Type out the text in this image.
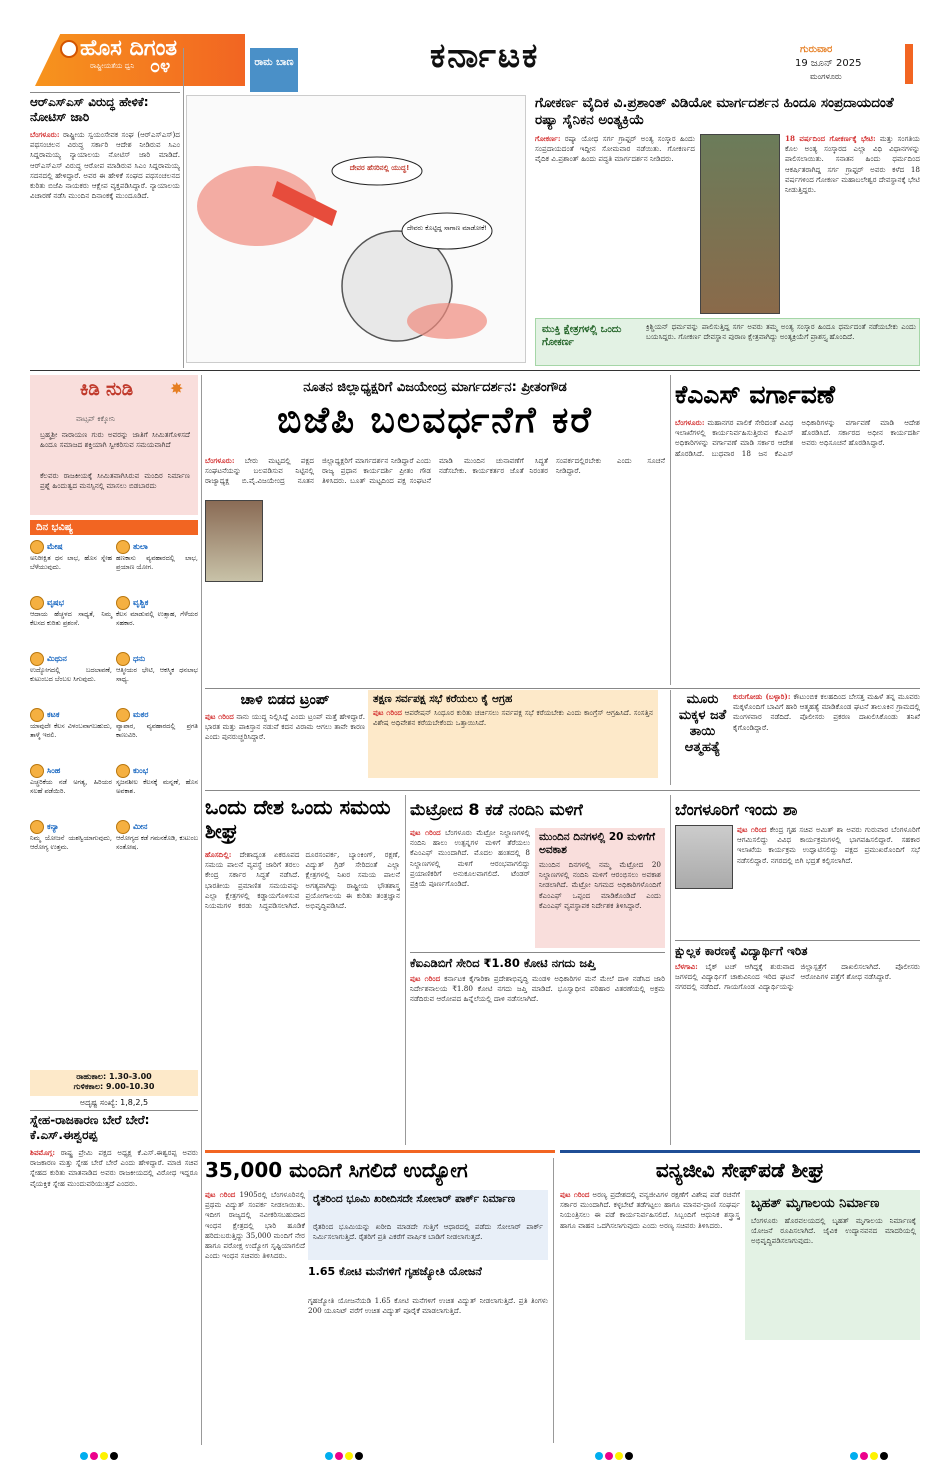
ಹೊಸ ದಿಗಂತ
ರಾಷ್ಟ್ರೀಯತೆಯ ಧ್ವನಿ ೦೪	ಕರ್ನಾಟಕ	ಗುರುವಾರ
19 ಜೂನ್ 2025
ಮಂಗಳೂರು
ಆರ್‌ಎಸ್‌ಎಸ್ ವಿರುದ್ಧ ಹೇಳಿಕೆ: ನೋಟಿಸ್ ಜಾರಿ
ಬೆಂಗಳೂರು: ರಾಷ್ಟ್ರೀಯ ಸ್ವಯಂಸೇವಕ ಸಂಘ (ಆರ್‌ಎಸ್‌ಎಸ್)ದ ಪಥಸಂಚಲನ ವಿರುದ್ಧ ಸರ್ಕಾರಿ ಆದೇಶ ನೀಡಿರುವ ಸಿಎಂ ಸಿದ್ದರಾಮಯ್ಯ ನ್ಯಾಯಾಲಯ ನೋಟಿಸ್ ಜಾರಿ ಮಾಡಿದೆ. ಆರ್‌ಎಸ್‌ಎಸ್ ವಿರುದ್ಧ ಆರೋಪ ಮಾಡಿರುವ ಸಿಎಂ ಸಿದ್ದರಾಮಯ್ಯ ಸದನದಲ್ಲಿ ಹೇಳಿದ್ದಾರೆ. ಅವರ ಈ ಹೇಳಿಕೆ ಸಂಘದ ಪಥಸಂಚಲನದ ಕುರಿತು ಬಿಜೆಪಿ ನಾಯಕರು ಆಕ್ಷೇಪ ವ್ಯಕ್ತಪಡಿಸಿದ್ದಾರೆ. ನ್ಯಾಯಾಲಯ ವಿಚಾರಣೆ ನಡೆಸಿ ಮುಂದಿನ ದಿನಾಂಕಕ್ಕೆ ಮುಂದೂಡಿದೆ.
ರಾಮ ಬಾಣ
ದೇವರ ಹೆಸರಿನಲ್ಲಿ ಯುದ್ಧ!
ದೇವರು ಕೊಟ್ಟಿದ್ದ ಸಾಗಾಣ ಮಾಡೋಕೆ!
ಗೋಕರ್ಣ ವೈದಿಕ ವಿ.ಪ್ರಶಾಂತ್ ವಿಡಿಯೋ ಮಾರ್ಗದರ್ಶನ ಹಿಂದೂ ಸಂಪ್ರದಾಯದಂತೆ ರಷ್ಯಾ ಸೈನಿಕನ ಅಂತ್ಯಕ್ರಿಯೆ
ಗೋಕರ್ಣ: ರಷ್ಯಾ ಯೋಧ ಸರ್ಗ ಗ್ರಾಫ್ಟರ್ ಅಂತ್ಯ ಸಂಸ್ಕಾರ ಹಿಂದು ಸಂಪ್ರದಾಯದಂತೆ ಇದ್ದೀನ ಸೋಮವಾರ ನಡೆಯಿತು. ಗೋಕರ್ಣದ ವೈದಿಕ ವಿ.ಪ್ರಶಾಂತ್ ಹಿಂದು ಪದ್ಧತಿ ಮಾರ್ಗದರ್ಶನ ನೀಡಿದರು.
18 ವರ್ಷದಿಂದ ಗೋಕರ್ಣಕ್ಕೆ ಭೇಟಿ: ಮತ್ತು ಸಂಗತಿಯ ಕೊಲ ಅಂತ್ಯ ಸಂಸ್ಕಾರದ ಎಲ್ಲಾ ವಿಧಿ ವಿಧಾನಗಳನ್ನು ಪಾಲಿಸಲಾಯಿತು. ಸನಾತನ ಹಿಂದು ಧರ್ಮದಿಂದ ಆಕರ್ಷಿತರಾಗಿದ್ದ ಸರ್ಗ ಗ್ರಾಫ್ಟರ್ ಅವರು ಕಳೆದ 18 ವರ್ಷಗಳಿಂದ ಗೋಕರ್ಣ ಮಹಾಬಲೇಶ್ವರ ದೇವಸ್ಥಾನಕ್ಕೆ ಭೇಟಿ ನೀಡುತ್ತಿದ್ದರು.
ಮುಕ್ತಿ ಕ್ಷೇತ್ರಗಳಲ್ಲಿ ಒಂದು ಗೋಕರ್ಣ
ಕ್ರಿಶ್ಚಿಯನ್ ಧರ್ಮವನ್ನು ಪಾಲಿಸುತ್ತಿದ್ದ ಸರ್ಗ ಅವರು ತಮ್ಮ ಅಂತ್ಯ ಸಂಸ್ಕಾರ ಹಿಂದೂ ಧರ್ಮದಂತೆ ನಡೆಯಬೇಕು ಎಂದು ಬಯಸಿದ್ದರು. ಗೋಕರ್ಣ ದೇವಸ್ಥಾನ ಪುರಾಣ ಕ್ಷೇತ್ರವಾಗಿದ್ದು ಅಂತ್ಯಕ್ರಿಯೆಗೆ ಪ್ರಾಶಸ್ತ್ಯ ಹೊಂದಿದೆ.
ಕಿಡಿ ನುಡಿ ✸
ವಾಟ್ಸಪ್ ಕಿಕ್ಕೋನಿ
ಬ್ರಹ್ಮಶ್ರೀ ನಾರಾಯಣ ಗುರು ಅವರನ್ನು ಜಾತಿಗೆ ಸೀಮಿತಗೊಳಿಸದೆ ಹಿಂದೂ ಸಮಾಜದ ಶಕ್ತಿಯಾಗಿ ಸ್ವೀಕರಿಸುವ ಸಮಯವಾಗಿದೆ
ಕೆಲವರು ರಾಜಕೀಯಕ್ಕೆ ಸೀಮಿತವಾಗಿಸಿರುವ ಮಂದಿರ ನಿರ್ಮಾಣ ಪ್ರಶ್ನೆ ಹಿಂದುತ್ವದ ಮನಸ್ಸಿನಲ್ಲಿ ಮಾಸಲು ಬಿಡಬಾರದು
ದಿನ ಭವಿಷ್ಯ
ಮೇಷ
ಅನಿರೀಕ್ಷಿತ ಧನ ಲಾಭ, ಹೊಸ ಸ್ನೇಹ ಬೆಳೆಯುವುದು.
ವೃಷಭ
ಆದಾಯ ಹೆಚ್ಚಳದ ಸಾಧ್ಯತೆ, ನಿಮ್ಮ ಕೆಲಸದ ಕುರಿತು ಪ್ರಶಂಸೆ.
ಮಿಥುನ
ಉದ್ಯೋಗದಲ್ಲಿ ಬದಲಾವಣೆ, ಕುಟುಂಬದ ಬೆಂಬಲ ಸಿಗುವುದು.
ಕಟಕ
ಯಾವುದೇ ಕೆಲಸ ವಿಳಂಬವಾಗಬಹುದು, ತಾಳ್ಮೆ ಇರಲಿ.
ಸಿಂಹ
ಎಚ್ಚರಿಕೆಯ ನಡೆ ಅಗತ್ಯ, ಹಿರಿಯರ ಸಲಹೆ ಪಡೆಯಿರಿ.
ಕನ್ಯಾ
ನಿಮ್ಮ ಯೋಜನೆ ಯಶಸ್ವಿಯಾಗುವುದು, ಆರೋಗ್ಯ ಉತ್ತಮ.
ತುಲಾ
ಹಣಕಾಸು ವ್ಯವಹಾರದಲ್ಲಿ ಲಾಭ, ಪ್ರಯಾಣ ಯೋಗ.
ವೃಶ್ಚಿಕ
ಕೆಲಸ ಮಾಡುವಲ್ಲಿ ಉತ್ಸಾಹ, ಗೆಳೆಯರ ಸಹಕಾರ.
ಧನು
ಆತ್ಮೀಯರ ಭೇಟಿ, ಆಕಸ್ಮಿಕ ಧನಲಾಭ ಸಾಧ್ಯ.
ಮಕರ
ವ್ಯಾಪಾರ, ವ್ಯವಹಾರದಲ್ಲಿ ಪ್ರಗತಿ ಕಾಣುವಿರಿ.
ಕುಂಭ
ಸೃಜನಶೀಲ ಕೆಲಸಕ್ಕೆ ಮನ್ನಣೆ, ಹೊಸ ಅವಕಾಶ.
ಮೀನ
ಆರೋಗ್ಯದ ಕಡೆ ಗಮನಕೊಡಿ, ಕುಟುಂಬ ಸಂತೋಷ.
ರಾಹುಕಾಲ: 1.30-3.00
ಗುಳಿಕಕಾಲ: 9.00-10.30
ಅದೃಷ್ಟ ಸಂಖ್ಯೆ: 1,8,2,5
ಸ್ನೇಹ-ರಾಜಕಾರಣ ಬೇರೆ ಬೇರೆ: ಕೆ.ಎಸ್.ಈಶ್ವರಪ್ಪ
ಶಿವಮೊಗ್ಗ: ರಾಷ್ಟ್ರ ಪ್ರೇಮಿ ಪಕ್ಷದ ಅಧ್ಯಕ್ಷ ಕೆ.ಎಸ್.ಈಶ್ವರಪ್ಪ ಅವರು ರಾಜಕಾರಣ ಮತ್ತು ಸ್ನೇಹ ಬೇರೆ ಬೇರೆ ಎಂದು ಹೇಳಿದ್ದಾರೆ. ಮಾಜಿ ಸಚಿವ ಸ್ನೇಹದ ಕುರಿತು ಮಾತನಾಡಿದ ಅವರು ರಾಜಕೀಯದಲ್ಲಿ ವಿರೋಧ ಇದ್ದರೂ ವೈಯಕ್ತಿಕ ಸ್ನೇಹ ಮುಂದುವರಿಯುತ್ತದೆ ಎಂದರು.
ನೂತನ ಜಿಲ್ಲಾಧ್ಯಕ್ಷರಿಗೆ ವಿಜಯೇಂದ್ರ ಮಾರ್ಗದರ್ಶನ: ಪ್ರೀತಂಗೌಡ
ಬಿಜೆಪಿ ಬಲವರ್ಧನೆಗೆ ಕರೆ
ಬೆಂಗಳೂರು: ಬೇರು ಮಟ್ಟದಲ್ಲಿ ಪಕ್ಷದ ಸಂಘಟನೆಯನ್ನು ಬಲಪಡಿಸುವ ನಿಟ್ಟಿನಲ್ಲಿ ರಾಜ್ಯಾಧ್ಯಕ್ಷ ಬಿ.ವೈ.ವಿಜಯೇಂದ್ರ ನೂತನ ಜಿಲ್ಲಾಧ್ಯಕ್ಷರಿಗೆ ಮಾರ್ಗದರ್ಶನ ನೀಡಿದ್ದಾರೆ ಎಂದು ರಾಜ್ಯ ಪ್ರಧಾನ ಕಾರ್ಯದರ್ಶಿ ಪ್ರೀತಂ ಗೌಡ ತಿಳಿಸಿದರು. ಬೂತ್ ಮಟ್ಟದಿಂದ ಪಕ್ಷ ಸಂಘಟನೆ ಮಾಡಿ ಮುಂದಿನ ಚುನಾವಣೆಗೆ ಸಿದ್ಧತೆ ನಡೆಸಬೇಕು. ಕಾರ್ಯಕರ್ತರ ಜೊತೆ ನಿರಂತರ ಸಂಪರ್ಕದಲ್ಲಿರಬೇಕು ಎಂದು ಸೂಚನೆ ನೀಡಿದ್ದಾರೆ.
ಕೆಎಎಸ್ ವರ್ಗಾವಣೆ
ಬೆಂಗಳೂರು: ಮಹಾನಗರ ಪಾಲಿಕೆ ಸೇರಿದಂತೆ ವಿವಿಧ ಇಲಾಖೆಗಳಲ್ಲಿ ಕಾರ್ಯನಿರ್ವಹಿಸುತ್ತಿರುವ ಕೆಎಎಸ್ ಅಧಿಕಾರಿಗಳನ್ನು ವರ್ಗಾವಣೆ ಮಾಡಿ ಸರ್ಕಾರ ಆದೇಶ ಹೊರಡಿಸಿದೆ. ಬುಧವಾರ 18 ಜನ ಕೆಎಎಸ್ ಅಧಿಕಾರಿಗಳನ್ನು ವರ್ಗಾವಣೆ ಮಾಡಿ ಆದೇಶ ಹೊರಡಿಸಿದೆ. ಸರ್ಕಾರದ ಅಧೀನ ಕಾರ್ಯದರ್ಶಿ ಅವರು ಅಧಿಸೂಚನೆ ಹೊರಡಿಸಿದ್ದಾರೆ.
ಚಾಳಿ ಬಿಡದ ಟ್ರಂಪ್
ಪುಟ ೧ರಿಂದ ನಾನು ಯುದ್ಧ ನಿಲ್ಲಿಸಿದ್ದೆ ಎಂದು ಟ್ರಂಪ್ ಮತ್ತೆ ಹೇಳಿದ್ದಾರೆ. ಭಾರತ ಮತ್ತು ಪಾಕಿಸ್ತಾನ ನಡುವೆ ಕದನ ವಿರಾಮ ಆಗಲು ತಾವೇ ಕಾರಣ ಎಂದು ಪುನರುಚ್ಚರಿಸಿದ್ದಾರೆ.
ತಕ್ಷಣ ಸರ್ವಪಕ್ಷ ಸಭೆ ಕರೆಯಲು ಕೈ ಆಗ್ರಹ
ಪುಟ ೧ರಿಂದ ಆಪರೇಷನ್ ಸಿಂಧೂರ ಕುರಿತು ಚರ್ಚಿಸಲು ಸರ್ವಪಕ್ಷ ಸಭೆ ಕರೆಯಬೇಕು ಎಂದು ಕಾಂಗ್ರೆಸ್ ಆಗ್ರಹಿಸಿದೆ. ಸಂಸತ್ತಿನ ವಿಶೇಷ ಅಧಿವೇಶನ ಕರೆಯಬೇಕೆಂದು ಒತ್ತಾಯಿಸಿದೆ.
ಮೂರು ಮಕ್ಕಳ ಜತೆ ತಾಯಿ ಆತ್ಮಹತ್ಯೆ
ಕುರುಗೋಡು (ಬಳ್ಳಾರಿ): ಕೌಟುಂಬಿಕ ಕಲಹದಿಂದ ಬೇಸತ್ತ ಮಹಿಳೆ ತನ್ನ ಮೂವರು ಮಕ್ಕಳೊಂದಿಗೆ ಬಾವಿಗೆ ಹಾರಿ ಆತ್ಮಹತ್ಯೆ ಮಾಡಿಕೊಂಡ ಘಟನೆ ತಾಲೂಕಿನ ಗ್ರಾಮದಲ್ಲಿ ಮಂಗಳವಾರ ನಡೆದಿದೆ. ಪೊಲೀಸರು ಪ್ರಕರಣ ದಾಖಲಿಸಿಕೊಂಡು ತನಿಖೆ ಕೈಗೊಂಡಿದ್ದಾರೆ.
ಒಂದು ದೇಶ ಒಂದು ಸಮಯ ಶೀಘ್ರ
ಹೊಸದಿಲ್ಲಿ: ದೇಶಾದ್ಯಂತ ಏಕರೂಪದ ಸಮಯ ಪಾಲನೆ ವ್ಯವಸ್ಥೆ ಜಾರಿಗೆ ತರಲು ಕೇಂದ್ರ ಸರ್ಕಾರ ಸಿದ್ಧತೆ ನಡೆಸಿದೆ. ಭಾರತೀಯ ಪ್ರಮಾಣಿತ ಸಮಯವನ್ನು ಎಲ್ಲಾ ಕ್ಷೇತ್ರಗಳಲ್ಲಿ ಕಡ್ಡಾಯಗೊಳಿಸುವ ನಿಯಮಗಳ ಕರಡು ಸಿದ್ಧಪಡಿಸಲಾಗಿದೆ. ದೂರಸಂಪರ್ಕ, ಬ್ಯಾಂಕಿಂಗ್, ರಕ್ಷಣೆ, ವಿದ್ಯುತ್ ಗ್ರಿಡ್ ಸೇರಿದಂತೆ ಎಲ್ಲಾ ಕ್ಷೇತ್ರಗಳಲ್ಲಿ ನಿಖರ ಸಮಯ ಪಾಲನೆ ಅಗತ್ಯವಾಗಿದ್ದು ರಾಷ್ಟ್ರೀಯ ಭೌತಶಾಸ್ತ್ರ ಪ್ರಯೋಗಾಲಯ ಈ ಕುರಿತು ತಂತ್ರಜ್ಞಾನ ಅಭಿವೃದ್ಧಿಪಡಿಸಿದೆ.
ಮೆಟ್ರೋದ 8 ಕಡೆ ನಂದಿನಿ ಮಳಿಗೆ
ಪುಟ ೧ರಿಂದ ಬೆಂಗಳೂರು ಮೆಟ್ರೋ ನಿಲ್ದಾಣಗಳಲ್ಲಿ ನಂದಿನಿ ಹಾಲು ಉತ್ಪನ್ನಗಳ ಮಳಿಗೆ ತೆರೆಯಲು ಕೆಎಂಎಫ್ ಮುಂದಾಗಿದೆ. ಮೊದಲ ಹಂತದಲ್ಲಿ 8 ನಿಲ್ದಾಣಗಳಲ್ಲಿ ಮಳಿಗೆ ಆರಂಭವಾಗಲಿದ್ದು ಪ್ರಯಾಣಿಕರಿಗೆ ಅನುಕೂಲವಾಗಲಿದೆ. ಟೆಂಡರ್ ಪ್ರಕ್ರಿಯೆ ಪೂರ್ಣಗೊಂಡಿದೆ.
ಮುಂದಿನ ದಿನಗಳಲ್ಲಿ 20 ಮಳಿಗೆಗೆ ಅವಕಾಶ
ಮುಂದಿನ ದಿನಗಳಲ್ಲಿ ನಮ್ಮ ಮೆಟ್ರೋದ 20 ನಿಲ್ದಾಣಗಳಲ್ಲಿ ನಂದಿನಿ ಮಳಿಗೆ ಆರಂಭಿಸಲು ಅವಕಾಶ ನೀಡಲಾಗಿದೆ. ಮೆಟ್ರೋ ನಿಗಮದ ಅಧಿಕಾರಿಗಳೊಂದಿಗೆ ಕೆಎಂಎಫ್ ಒಪ್ಪಂದ ಮಾಡಿಕೊಂಡಿದೆ ಎಂದು ಕೆಎಂಎಫ್ ವ್ಯವಸ್ಥಾಪಕ ನಿರ್ದೇಶಕ ತಿಳಿಸಿದ್ದಾರೆ.
ಬೆಂಗಳೂರಿಗೆ ಇಂದು ಶಾ
ಪುಟ ೧ರಿಂದ ಕೇಂದ್ರ ಗೃಹ ಸಚಿವ ಅಮಿತ್ ಶಾ ಅವರು ಗುರುವಾರ ಬೆಂಗಳೂರಿಗೆ ಆಗಮಿಸಲಿದ್ದು ವಿವಿಧ ಕಾರ್ಯಕ್ರಮಗಳಲ್ಲಿ ಭಾಗವಹಿಸಲಿದ್ದಾರೆ. ಸಹಕಾರ ಇಲಾಖೆಯ ಕಾರ್ಯಕ್ರಮ ಉದ್ಘಾಟಿಸಲಿದ್ದು ಪಕ್ಷದ ಪ್ರಮುಖರೊಂದಿಗೆ ಸಭೆ ನಡೆಸಲಿದ್ದಾರೆ. ನಗರದಲ್ಲಿ ಬಿಗಿ ಭದ್ರತೆ ಕಲ್ಪಿಸಲಾಗಿದೆ.
ಕ್ಷುಲ್ಲಕ ಕಾರಣಕ್ಕೆ ವಿದ್ಯಾರ್ಥಿಗೆ ಇರಿತ
ಬೆಳಗಾವಿ: ಬೈಕ್ ಟಚ್ ಆಗಿದ್ದಕ್ಕೆ ಶುರುವಾದ ಜಗಳದಲ್ಲಿ ವಿದ್ಯಾರ್ಥಿಗೆ ಚಾಕುವಿನಿಂದ ಇರಿದ ಘಟನೆ ನಗರದಲ್ಲಿ ನಡೆದಿದೆ. ಗಾಯಗೊಂಡ ವಿದ್ಯಾರ್ಥಿಯನ್ನು ಜಿಲ್ಲಾಸ್ಪತ್ರೆಗೆ ದಾಖಲಿಸಲಾಗಿದೆ. ಪೊಲೀಸರು ಆರೋಪಿಗಳ ಪತ್ತೆಗೆ ಶೋಧ ನಡೆಸಿದ್ದಾರೆ.
ಕೆಐಎಡಿಬಿಗೆ ಸೇರಿದ ₹1.80 ಕೋಟಿ ನಗದು ಜಪ್ತಿ
ಪುಟ ೧ರಿಂದ ಕರ್ನಾಟಕ ಕೈಗಾರಿಕಾ ಪ್ರದೇಶಾಭಿವೃದ್ಧಿ ಮಂಡಳಿ ಅಧಿಕಾರಿಗಳ ಮನೆ ಮೇಲೆ ದಾಳಿ ನಡೆಸಿದ ಜಾರಿ ನಿರ್ದೇಶನಾಲಯ ₹1.80 ಕೋಟಿ ನಗದು ಜಪ್ತಿ ಮಾಡಿದೆ. ಭೂಸ್ವಾಧೀನ ಪರಿಹಾರ ವಿತರಣೆಯಲ್ಲಿ ಅಕ್ರಮ ನಡೆದಿರುವ ಆರೋಪದ ಹಿನ್ನೆಲೆಯಲ್ಲಿ ದಾಳಿ ನಡೆಸಲಾಗಿದೆ.
35,000 ಮಂದಿಗೆ ಸಿಗಲಿದೆ ಉದ್ಯೋಗ
ಪುಟ ೧ರಿಂದ 1905ರಲ್ಲಿ ಬೆಂಗಳೂರಿನಲ್ಲಿ ಪ್ರಥಮ ವಿದ್ಯುತ್ ಸಂಪರ್ಕ ನೀಡಲಾಯಿತು. ಇದೀಗ ರಾಜ್ಯದಲ್ಲಿ ನವೀಕರಿಸಬಹುದಾದ ಇಂಧನ ಕ್ಷೇತ್ರದಲ್ಲಿ ಭಾರಿ ಹೂಡಿಕೆ ಹರಿದುಬರುತ್ತಿದ್ದು 35,000 ಮಂದಿಗೆ ನೇರ ಹಾಗೂ ಪರೋಕ್ಷ ಉದ್ಯೋಗ ಸೃಷ್ಟಿಯಾಗಲಿದೆ ಎಂದು ಇಂಧನ ಸಚಿವರು ತಿಳಿಸಿದರು.
ರೈತರಿಂದ ಭೂಮಿ ಖರೀದಿಸದೇ ಸೋಲಾರ್ ಪಾರ್ಕ್ ನಿರ್ಮಾಣ
ರೈತರಿಂದ ಭೂಮಿಯನ್ನು ಖರೀದಿ ಮಾಡದೇ ಗುತ್ತಿಗೆ ಆಧಾರದಲ್ಲಿ ಪಡೆದು ಸೋಲಾರ್ ಪಾರ್ಕ್ ನಿರ್ಮಿಸಲಾಗುತ್ತಿದೆ. ರೈತರಿಗೆ ಪ್ರತಿ ಎಕರೆಗೆ ವಾರ್ಷಿಕ ಬಾಡಿಗೆ ನೀಡಲಾಗುತ್ತದೆ.
1.65 ಕೋಟಿ ಮನೆಗಳಿಗೆ ಗೃಹಜ್ಯೋತಿ ಯೋಜನೆ
ಗೃಹಜ್ಯೋತಿ ಯೋಜನೆಯಡಿ 1.65 ಕೋಟಿ ಮನೆಗಳಿಗೆ ಉಚಿತ ವಿದ್ಯುತ್ ನೀಡಲಾಗುತ್ತಿದೆ. ಪ್ರತಿ ತಿಂಗಳು 200 ಯೂನಿಟ್ ವರೆಗೆ ಉಚಿತ ವಿದ್ಯುತ್ ಪೂರೈಕೆ ಮಾಡಲಾಗುತ್ತಿದೆ.
ವನ್ಯಜೀವಿ ಸೇಫ್‌ಪಡೆ ಶೀಘ್ರ
ಪುಟ ೧ರಿಂದ ಅರಣ್ಯ ಪ್ರದೇಶದಲ್ಲಿ ವನ್ಯಜೀವಿಗಳ ರಕ್ಷಣೆಗೆ ವಿಶೇಷ ಪಡೆ ರಚನೆಗೆ ಸರ್ಕಾರ ಮುಂದಾಗಿದೆ. ಕಳ್ಳಬೇಟೆ ತಡೆಗಟ್ಟಲು ಹಾಗೂ ಮಾನವ-ಪ್ರಾಣಿ ಸಂಘರ್ಷ ನಿಯಂತ್ರಿಸಲು ಈ ಪಡೆ ಕಾರ್ಯನಿರ್ವಹಿಸಲಿದೆ. ಸಿಬ್ಬಂದಿಗೆ ಆಧುನಿಕ ಶಸ್ತ್ರಾಸ್ತ್ರ ಹಾಗೂ ವಾಹನ ಒದಗಿಸಲಾಗುವುದು ಎಂದು ಅರಣ್ಯ ಸಚಿವರು ತಿಳಿಸಿದರು.
ಬೃಹತ್ ಮೃಗಾಲಯ ನಿರ್ಮಾಣ
ಬೆಂಗಳೂರು ಹೊರವಲಯದಲ್ಲಿ ಬೃಹತ್ ಮೃಗಾಲಯ ನಿರ್ಮಾಣಕ್ಕೆ ಯೋಜನೆ ರೂಪಿಸಲಾಗಿದೆ. ಜೈವಿಕ ಉದ್ಯಾನವನದ ಮಾದರಿಯಲ್ಲಿ ಅಭಿವೃದ್ಧಿಪಡಿಸಲಾಗುವುದು.
